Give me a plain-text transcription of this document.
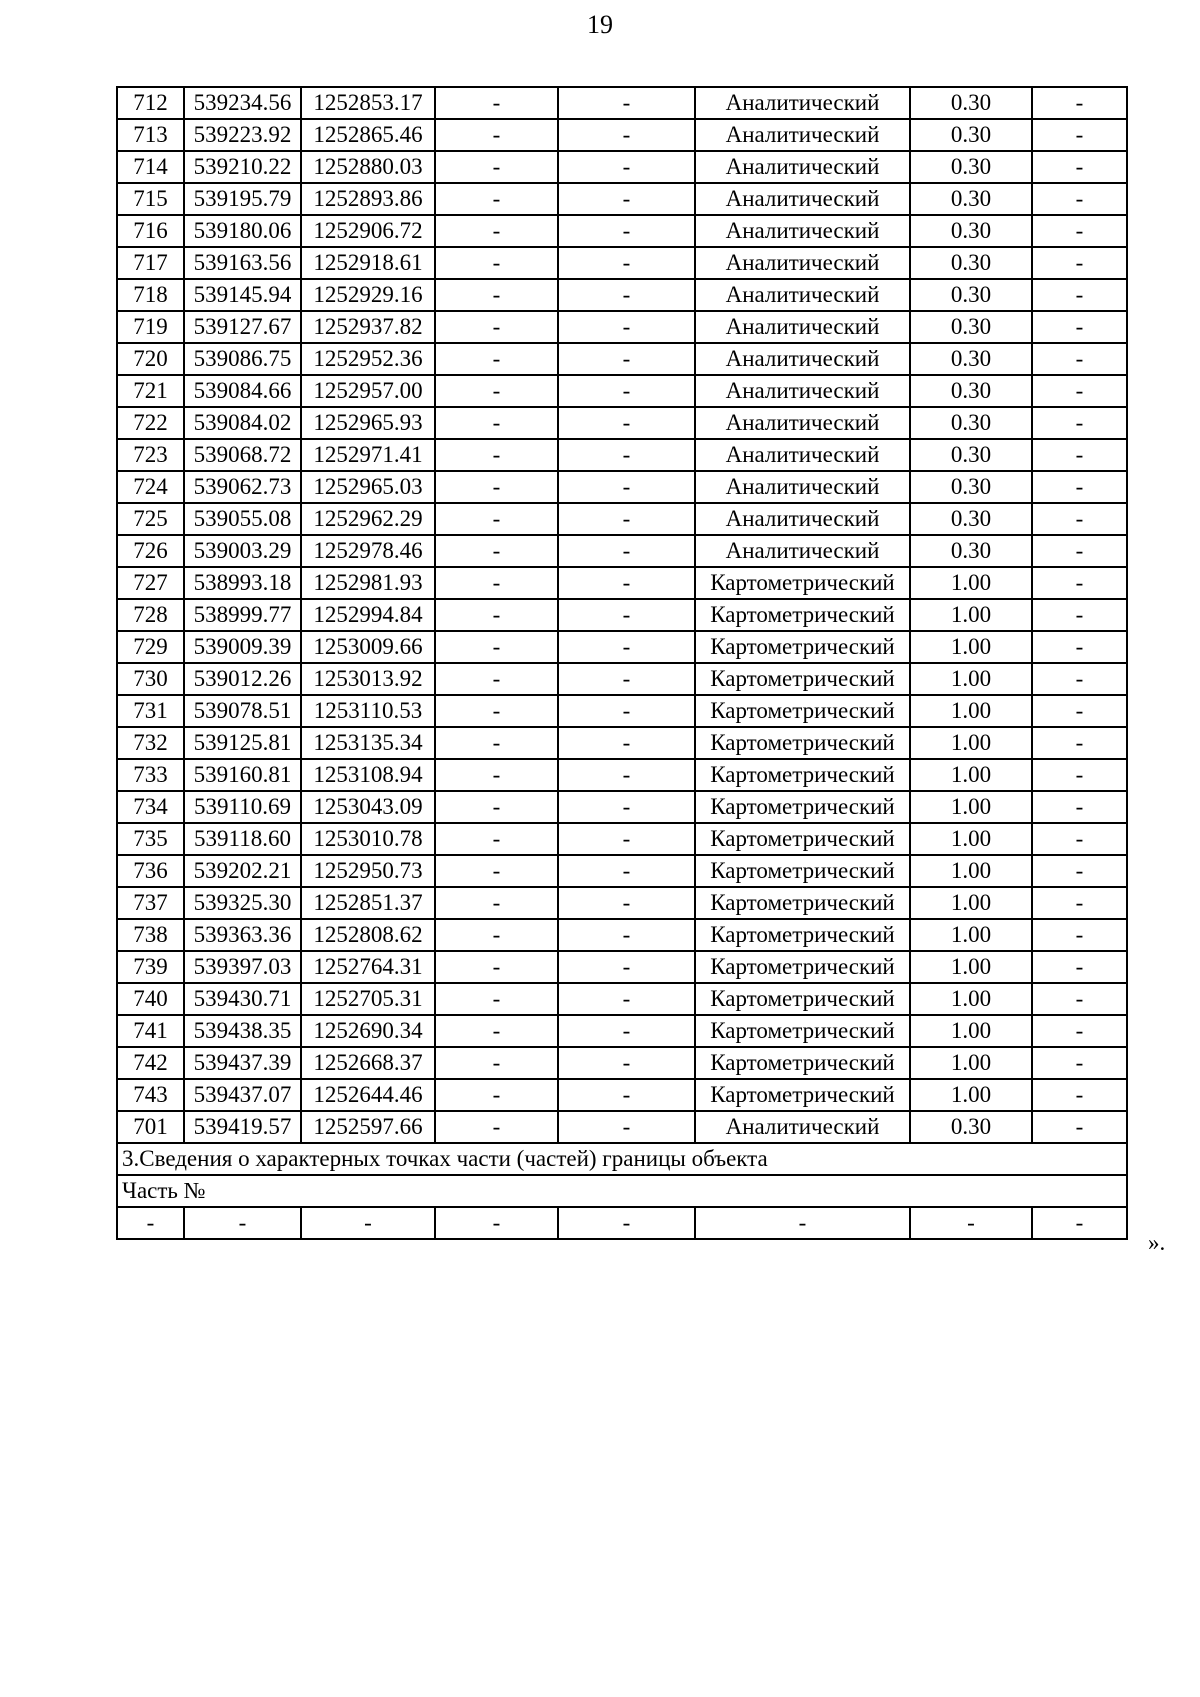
19
712	539234.56	1252853.17	-	-	Аналитический	0.30	-
713	539223.92	1252865.46	-	-	Аналитический	0.30	-
714	539210.22	1252880.03	-	-	Аналитический	0.30	-
715	539195.79	1252893.86	-	-	Аналитический	0.30	-
716	539180.06	1252906.72	-	-	Аналитический	0.30	-
717	539163.56	1252918.61	-	-	Аналитический	0.30	-
718	539145.94	1252929.16	-	-	Аналитический	0.30	-
719	539127.67	1252937.82	-	-	Аналитический	0.30	-
720	539086.75	1252952.36	-	-	Аналитический	0.30	-
721	539084.66	1252957.00	-	-	Аналитический	0.30	-
722	539084.02	1252965.93	-	-	Аналитический	0.30	-
723	539068.72	1252971.41	-	-	Аналитический	0.30	-
724	539062.73	1252965.03	-	-	Аналитический	0.30	-
725	539055.08	1252962.29	-	-	Аналитический	0.30	-
726	539003.29	1252978.46	-	-	Аналитический	0.30	-
727	538993.18	1252981.93	-	-	Картометрический	1.00	-
728	538999.77	1252994.84	-	-	Картометрический	1.00	-
729	539009.39	1253009.66	-	-	Картометрический	1.00	-
730	539012.26	1253013.92	-	-	Картометрический	1.00	-
731	539078.51	1253110.53	-	-	Картометрический	1.00	-
732	539125.81	1253135.34	-	-	Картометрический	1.00	-
733	539160.81	1253108.94	-	-	Картометрический	1.00	-
734	539110.69	1253043.09	-	-	Картометрический	1.00	-
735	539118.60	1253010.78	-	-	Картометрический	1.00	-
736	539202.21	1252950.73	-	-	Картометрический	1.00	-
737	539325.30	1252851.37	-	-	Картометрический	1.00	-
738	539363.36	1252808.62	-	-	Картометрический	1.00	-
739	539397.03	1252764.31	-	-	Картометрический	1.00	-
740	539430.71	1252705.31	-	-	Картометрический	1.00	-
741	539438.35	1252690.34	-	-	Картометрический	1.00	-
742	539437.39	1252668.37	-	-	Картометрический	1.00	-
743	539437.07	1252644.46	-	-	Картометрический	1.00	-
701	539419.57	1252597.66	-	-	Аналитический	0.30	-
3.Сведения о характерных точках части (частей) границы объекта							
Часть №							
-	-	-	-	-	-	-	-
».
